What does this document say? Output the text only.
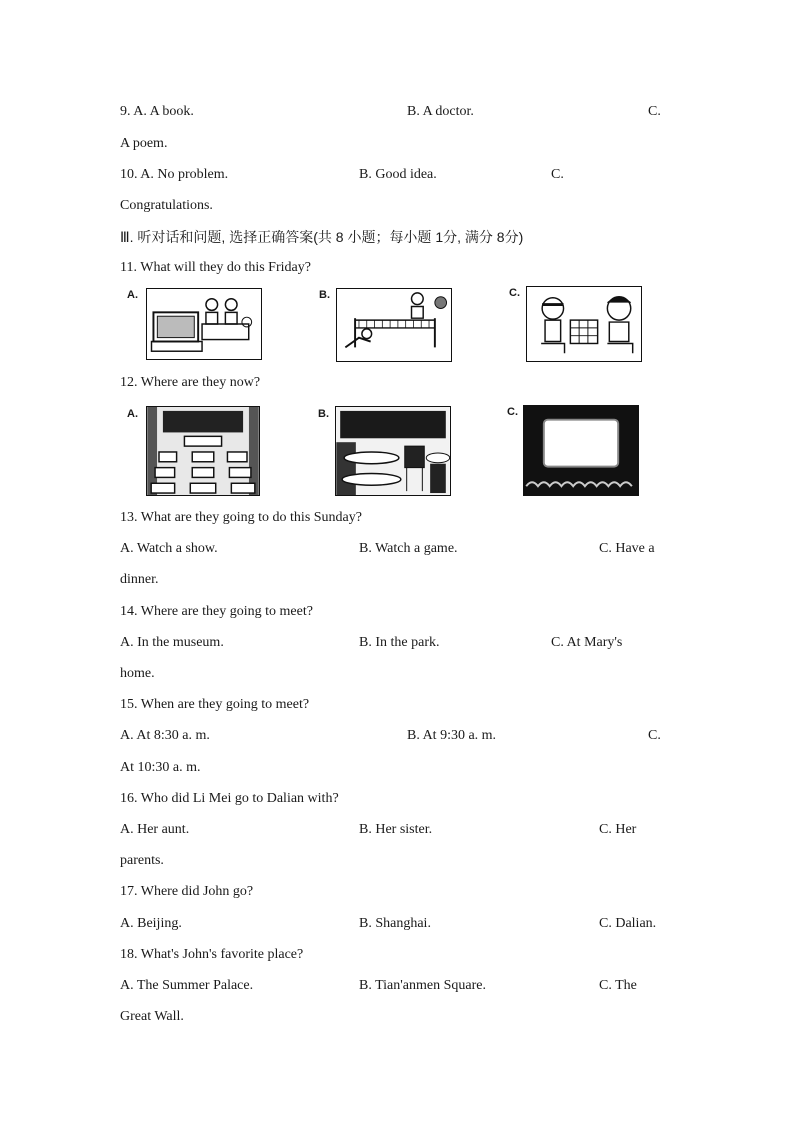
9. A. A book.	B. A doctor.	C.
A poem.
10. A. No problem.	B. Good idea.	C.
Congratulations.
Ⅲ. 听对话和问题, 选择正确答案(共 8 小题；每小题 1分, 满分 8分)
11. What will they do this Friday?
A.	B.	C.
12. Where are they now?
A.	B.	C.
13. What are they going to do this Sunday?
A. Watch a show.	B. Watch a game.	C. Have a
dinner.
14. Where are they going to meet?
A. In the museum.	B. In the park.	C. At Mary's
home.
15. When are they going to meet?
A. At 8:30 a. m.	B. At 9:30 a. m.	C.
At 10:30 a. m.
16. Who did Li Mei go to Dalian with?
A. Her aunt.	B. Her sister.	C. Her
parents.
17. Where did John go?
A. Beijing.	B. Shanghai.	C. Dalian.
18. What's John's favorite place?
A. The Summer Palace.	B. Tian'anmen Square.	C. The
Great Wall.
